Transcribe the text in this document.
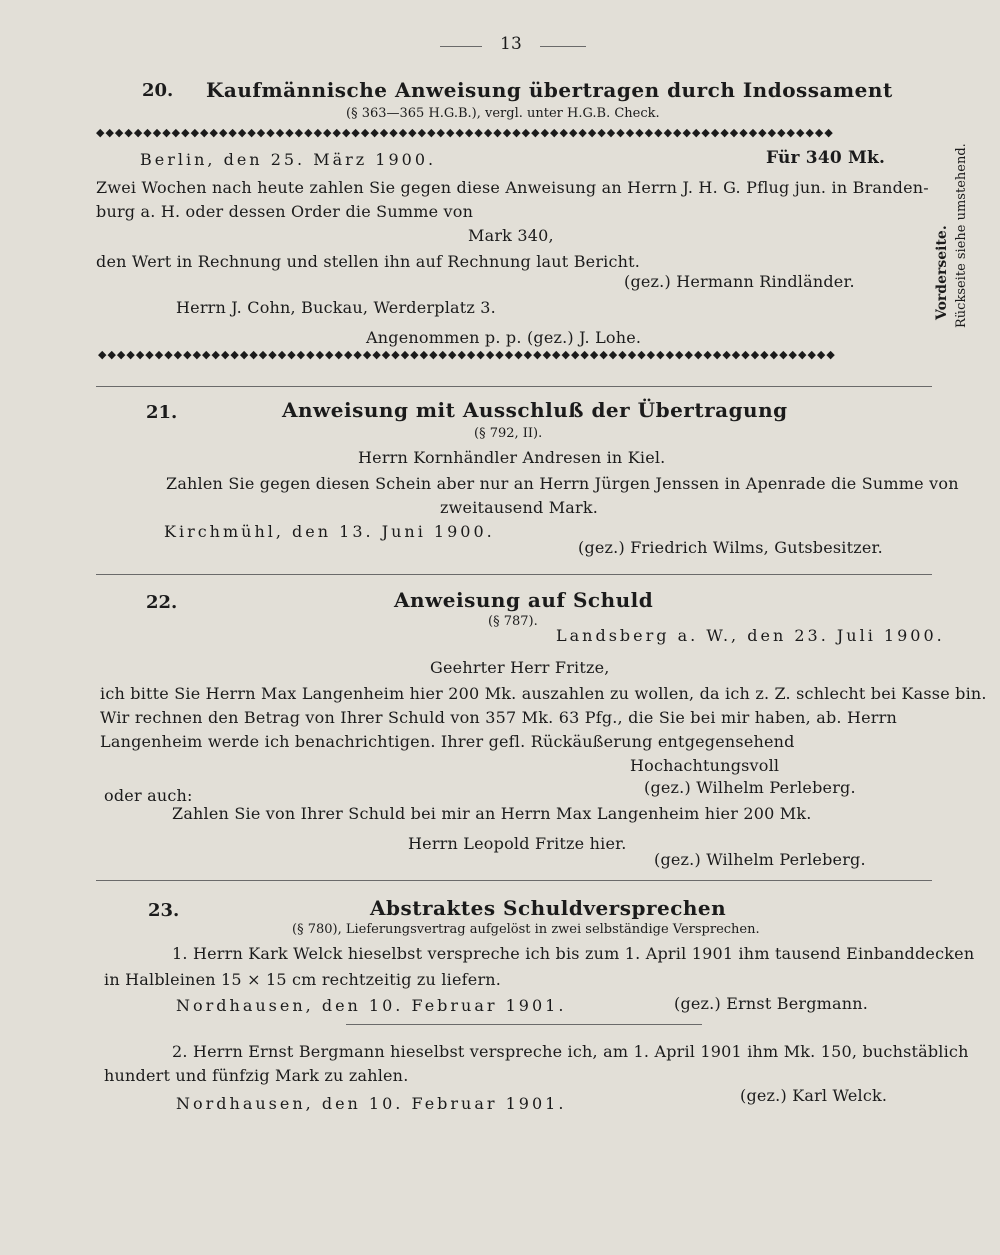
13
20. Kaufmännische Anweisung übertragen durch Indossament
(§ 363—365 H.G.B.), vergl. unter H.G.B. Check.
◆◆◆◆◆◆◆◆◆◆◆◆◆◆◆◆◆◆◆◆◆◆◆◆◆◆◆◆◆◆◆◆◆◆◆◆◆◆◆◆◆◆◆◆◆◆◆◆◆◆◆◆◆◆◆◆◆◆◆◆◆◆◆◆◆◆◆◆◆◆◆◆◆◆◆◆◆◆
Berlin, den 25. März 1900.	Für 340 Mk.
Zwei Wochen nach heute zahlen Sie gegen diese Anweisung an Herrn J. H. G. Pflug jun. in Branden-
burg a. H. oder dessen Order die Summe von
Mark 340,
den Wert in Rechnung und stellen ihn auf Rechnung laut Bericht.
(gez.) Hermann Rindländer.
Herrn J. Cohn, Buckau, Werderplatz 3.
Angenommen p. p. (gez.) J. Lohe.
◆◆◆◆◆◆◆◆◆◆◆◆◆◆◆◆◆◆◆◆◆◆◆◆◆◆◆◆◆◆◆◆◆◆◆◆◆◆◆◆◆◆◆◆◆◆◆◆◆◆◆◆◆◆◆◆◆◆◆◆◆◆◆◆◆◆◆◆◆◆◆◆◆◆◆◆◆◆
Vorderseite. Rückseite siehe umstehend.
21.	Anweisung mit Ausschluß der Übertragung
(§ 792, II).
Herrn Kornhändler Andresen in Kiel.
Zahlen Sie gegen diesen Schein aber nur an Herrn Jürgen Jenssen in Apenrade die Summe von
zweitausend Mark.
Kirchmühl, den 13. Juni 1900.
(gez.) Friedrich Wilms, Gutsbesitzer.
22.	Anweisung auf Schuld
(§ 787).
Landsberg a. W., den 23. Juli 1900.
Geehrter Herr Fritze,
ich bitte Sie Herrn Max Langenheim hier 200 Mk. auszahlen zu wollen, da ich z. Z. schlecht bei Kasse bin.
Wir rechnen den Betrag von Ihrer Schuld von 357 Mk. 63 Pfg., die Sie bei mir haben, ab. Herrn
Langenheim werde ich benachrichtigen. Ihrer gefl. Rückäußerung entgegensehend
Hochachtungsvoll
oder auch:	(gez.) Wilhelm Perleberg.
Zahlen Sie von Ihrer Schuld bei mir an Herrn Max Langenheim hier 200 Mk.
Herrn Leopold Fritze hier.
(gez.) Wilhelm Perleberg.
23.	Abstraktes Schuldversprechen
(§ 780), Lieferungsvertrag aufgelöst in zwei selbständige Versprechen.
1. Herrn Kark Welck hieselbst verspreche ich bis zum 1. April 1901 ihm tausend Einbanddecken
in Halbleinen 15 × 15 cm rechtzeitig zu liefern.
Nordhausen, den 10. Februar 1901.	(gez.) Ernst Bergmann.
2. Herrn Ernst Bergmann hieselbst verspreche ich, am 1. April 1901 ihm Mk. 150, buchstäblich
hundert und fünfzig Mark zu zahlen.
Nordhausen, den 10. Februar 1901.	(gez.) Karl Welck.
